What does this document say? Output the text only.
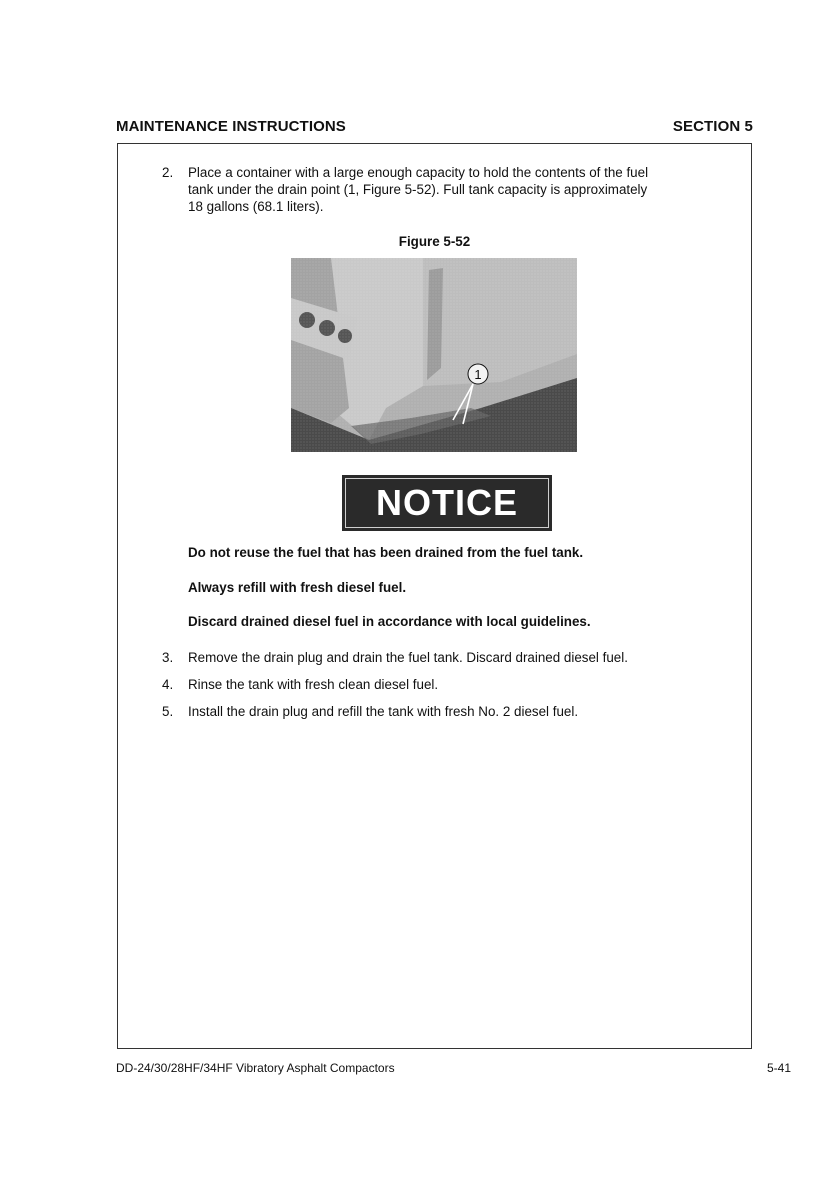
MAINTENANCE INSTRUCTIONS	SECTION 5
2. Place a container with a large enough capacity to hold the contents of the fuel
tank under the drain point (1, Figure 5-52). Full tank capacity is approximately
18 gallons (68.1 liters).
Figure 5-52
1
NOTICE
Do not reuse the fuel that has been drained from the fuel tank.
Always refill with fresh diesel fuel.
Discard drained diesel fuel in accordance with local guidelines.
3. Remove the drain plug and drain the fuel tank. Discard drained diesel fuel.
4. Rinse the tank with fresh clean diesel fuel.
5. Install the drain plug and refill the tank with fresh No. 2 diesel fuel.
DD-24/30/28HF/34HF Vibratory Asphalt Compactors	5-41
